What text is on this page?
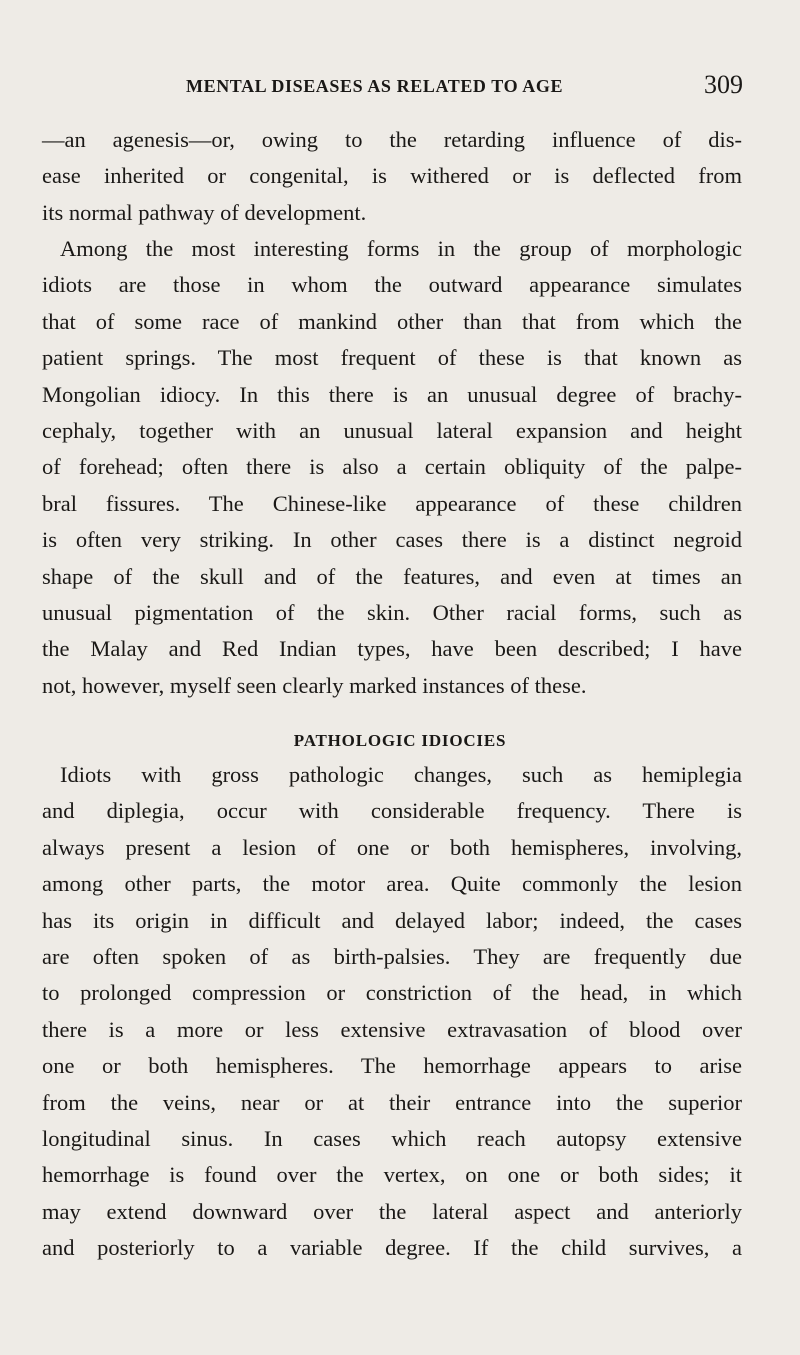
MENTAL DISEASES AS RELATED TO AGE	309
—an agenesis—or, owing to the retarding influence of dis-
ease inherited or congenital, is withered or is deflected from
its normal pathway of development.
Among the most interesting forms in the group of morphologic
idiots are those in whom the outward appearance simulates
that of some race of mankind other than that from which the
patient springs. The most frequent of these is that known as
Mongolian idiocy. In this there is an unusual degree of brachy-
cephaly, together with an unusual lateral expansion and height
of forehead; often there is also a certain obliquity of the palpe-
bral fissures. The Chinese-like appearance of these children
is often very striking. In other cases there is a distinct negroid
shape of the skull and of the features, and even at times an
unusual pigmentation of the skin. Other racial forms, such as
the Malay and Red Indian types, have been described; I have
not, however, myself seen clearly marked instances of these.
PATHOLOGIC IDIOCIES
Idiots with gross pathologic changes, such as hemiplegia
and diplegia, occur with considerable frequency. There is
always present a lesion of one or both hemispheres, involving,
among other parts, the motor area. Quite commonly the lesion
has its origin in difficult and delayed labor; indeed, the cases
are often spoken of as birth-palsies. They are frequently due
to prolonged compression or constriction of the head, in which
there is a more or less extensive extravasation of blood over
one or both hemispheres. The hemorrhage appears to arise
from the veins, near or at their entrance into the superior
longitudinal sinus. In cases which reach autopsy extensive
hemorrhage is found over the vertex, on one or both sides; it
may extend downward over the lateral aspect and anteriorly
and posteriorly to a variable degree. If the child survives, a
